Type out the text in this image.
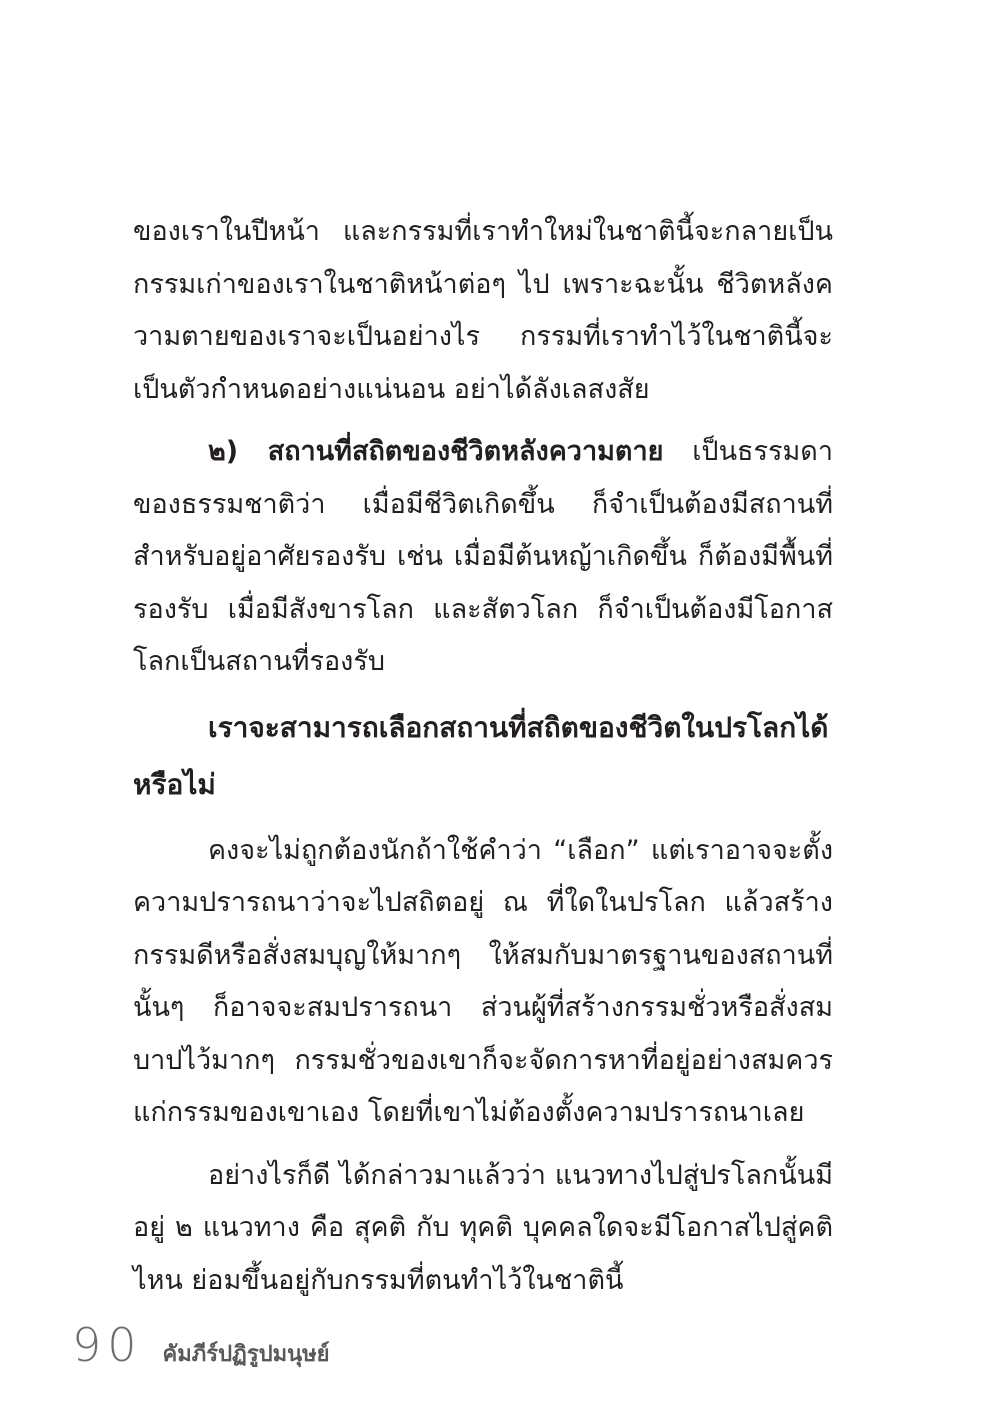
ของเราในปีหน้า และกรรมที่เราทำใหม่ในชาตินี้จะกลายเป็นกรรมเก่าของเราในชาติหน้าต่อๆ ไป เพราะฉะนั้น ชีวิตหลังความตายของเราจะเป็นอย่างไร กรรมที่เราทำไว้ในชาตินี้จะเป็นตัวกำหนดอย่างแน่นอน อย่าได้ลังเลสงสัย

๒) สถานที่สถิตของชีวิตหลังความตาย เป็นธรรมดาของธรรมชาติว่า เมื่อมีชีวิตเกิดขึ้น ก็จำเป็นต้องมีสถานที่สำหรับอยู่อาศัยรองรับ เช่น เมื่อมีต้นหญ้าเกิดขึ้น ก็ต้องมีพื้นที่รองรับ เมื่อมีสังขารโลก และสัตวโลก ก็จำเป็นต้องมีโอกาสโลกเป็นสถานที่รองรับ

เราจะสามารถเลือกสถานที่สถิตของชีวิตในปรโลกได้หรือไม่

คงจะไม่ถูกต้องนักถ้าใช้คำว่า “เลือก” แต่เราอาจจะตั้งความปรารถนาว่าจะไปสถิตอยู่ ณ ที่ใดในปรโลก แล้วสร้างกรรมดีหรือสั่งสมบุญให้มากๆ ให้สมกับมาตรฐานของสถานที่นั้นๆ ก็อาจจะสมปรารถนา ส่วนผู้ที่สร้างกรรมชั่วหรือสั่งสมบาปไว้มากๆ กรรมชั่วของเขาก็จะจัดการหาที่อยู่อย่างสมควรแก่กรรมของเขาเอง โดยที่เขาไม่ต้องตั้งความปรารถนาเลย

อย่างไรก็ดี ได้กล่าวมาแล้วว่า แนวทางไปสู่ปรโลกนั้นมีอยู่ ๒ แนวทาง คือ สุคติ กับ ทุคติ บุคคลใดจะมีโอกาสไปสู่คติไหน ย่อมขึ้นอยู่กับกรรมที่ตนทำไว้ในชาตินี้

90 คัมภีร์ปฏิรูปมนุษย์
